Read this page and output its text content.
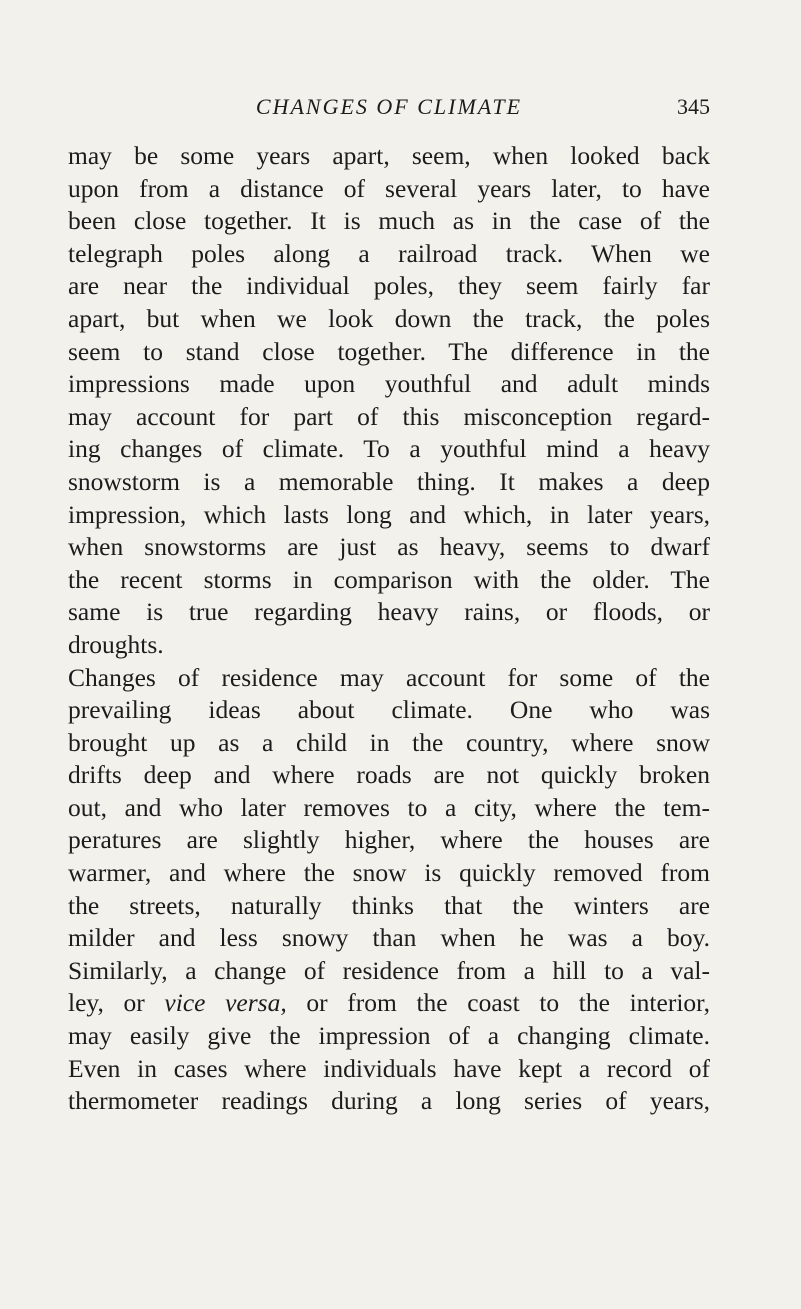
CHANGES OF CLIMATE	345
may be some years apart, seem, when looked back
upon from a distance of several years later, to have
been close together. It is much as in the case of the
telegraph poles along a railroad track. When we
are near the individual poles, they seem fairly far
apart, but when we look down the track, the poles
seem to stand close together. The difference in the
impressions made upon youthful and adult minds
may account for part of this misconception regard-
ing changes of climate. To a youthful mind a heavy
snowstorm is a memorable thing. It makes a deep
impression, which lasts long and which, in later years,
when snowstorms are just as heavy, seems to dwarf
the recent storms in comparison with the older. The
same is true regarding heavy rains, or floods, or
droughts.
Changes of residence may account for some of the
prevailing ideas about climate. One who was
brought up as a child in the country, where snow
drifts deep and where roads are not quickly broken
out, and who later removes to a city, where the tem-
peratures are slightly higher, where the houses are
warmer, and where the snow is quickly removed from
the streets, naturally thinks that the winters are
milder and less snowy than when he was a boy.
Similarly, a change of residence from a hill to a val-
ley, or vice versa, or from the coast to the interior,
may easily give the impression of a changing climate.
Even in cases where individuals have kept a record of
thermometer readings during a long series of years,
